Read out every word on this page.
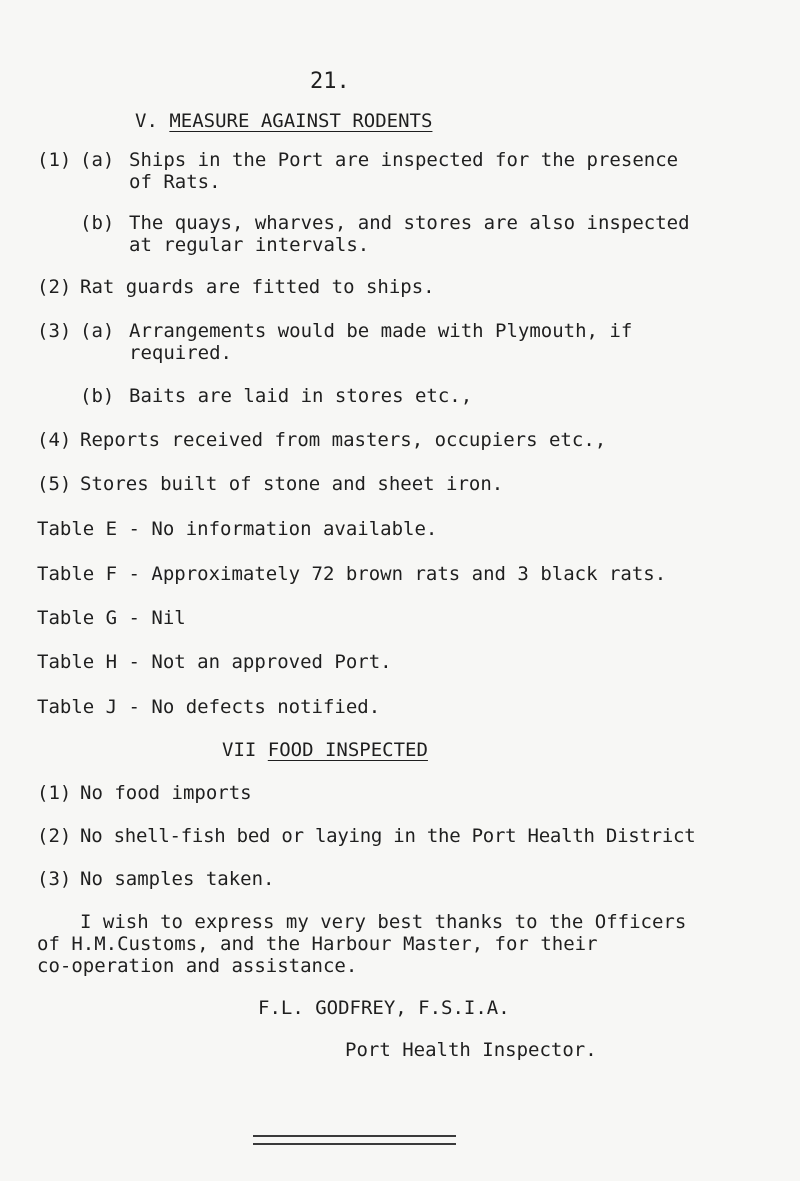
21.
V. MEASURE AGAINST RODENTS
(1) (a) Ships in the Port are inspected for the presence
of Rats.
(b) The quays, wharves, and stores are also inspected
at regular intervals.
(2) Rat guards are fitted to ships.
(3) (a) Arrangements would be made with Plymouth, if
required.
(b) Baits are laid in stores etc.,
(4) Reports received from masters, occupiers etc.,
(5) Stores built of stone and sheet iron.
Table E - No information available.
Table F - Approximately 72 brown rats and 3 black rats.
Table G - Nil
Table H - Not an approved Port.
Table J - No defects notified.
VII FOOD INSPECTED
(1) No food imports
(2) No shell-fish bed or laying in the Port Health District
(3) No samples taken.
I wish to express my very best thanks to the Officers
of H.M.Customs, and the Harbour Master, for their
co-operation and assistance.
F.L. GODFREY, F.S.I.A.
Port Health Inspector.
